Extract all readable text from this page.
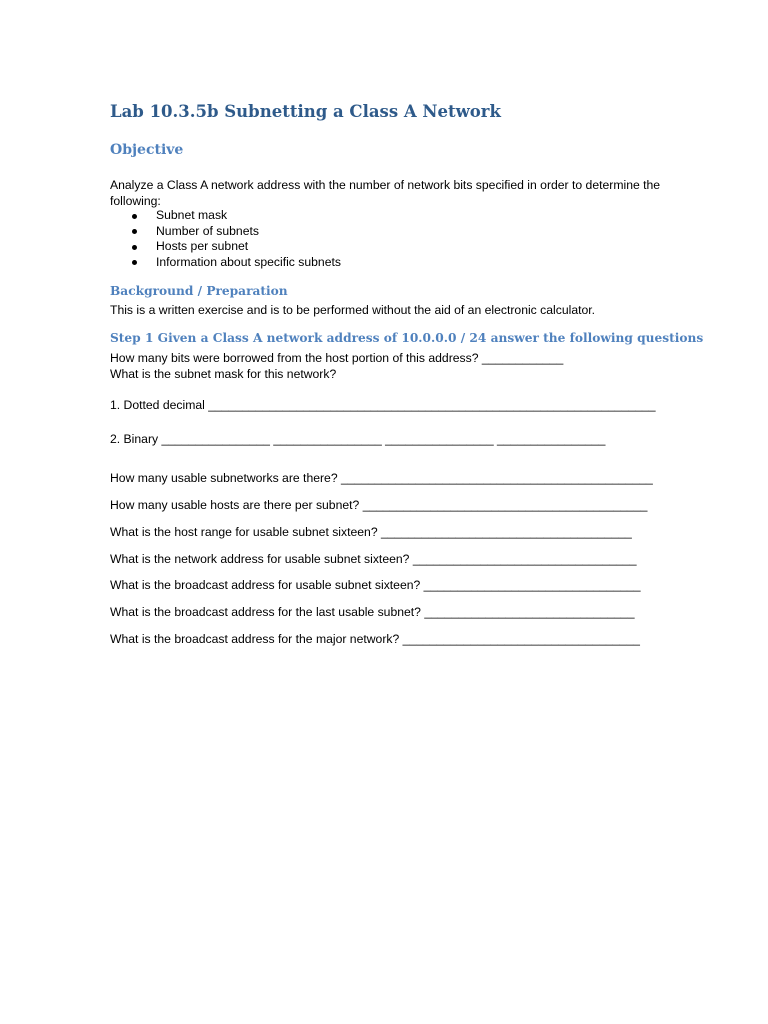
Lab 10.3.5b Subnetting a Class A Network
Objective

Analyze a Class A network address with the number of network bits specified in order to determine the following:

Subnet mask
Number of subnets
Hosts per subnet
Information about specific subnets
Background / Preparation

This is a written exercise and is to be performed without the aid of an electronic calculator.

Step 1 Given a Class A network address of 10.0.0.0 / 24 answer the following questions

How many bits were borrowed from the host portion of this address? ____________

What is the subnet mask for this network?

1. Dotted decimal __________________________________________________________________

2. Binary ________________ ________________ ________________ ________________

How many usable subnetworks are there? ______________________________________________

How many usable hosts are there per subnet? __________________________________________

What is the host range for usable subnet sixteen? _____________________________________

What is the network address for usable subnet sixteen? _________________________________

What is the broadcast address for usable subnet sixteen? ________________________________

What is the broadcast address for the last usable subnet? _______________________________

What is the broadcast address for the major network? ___________________________________
